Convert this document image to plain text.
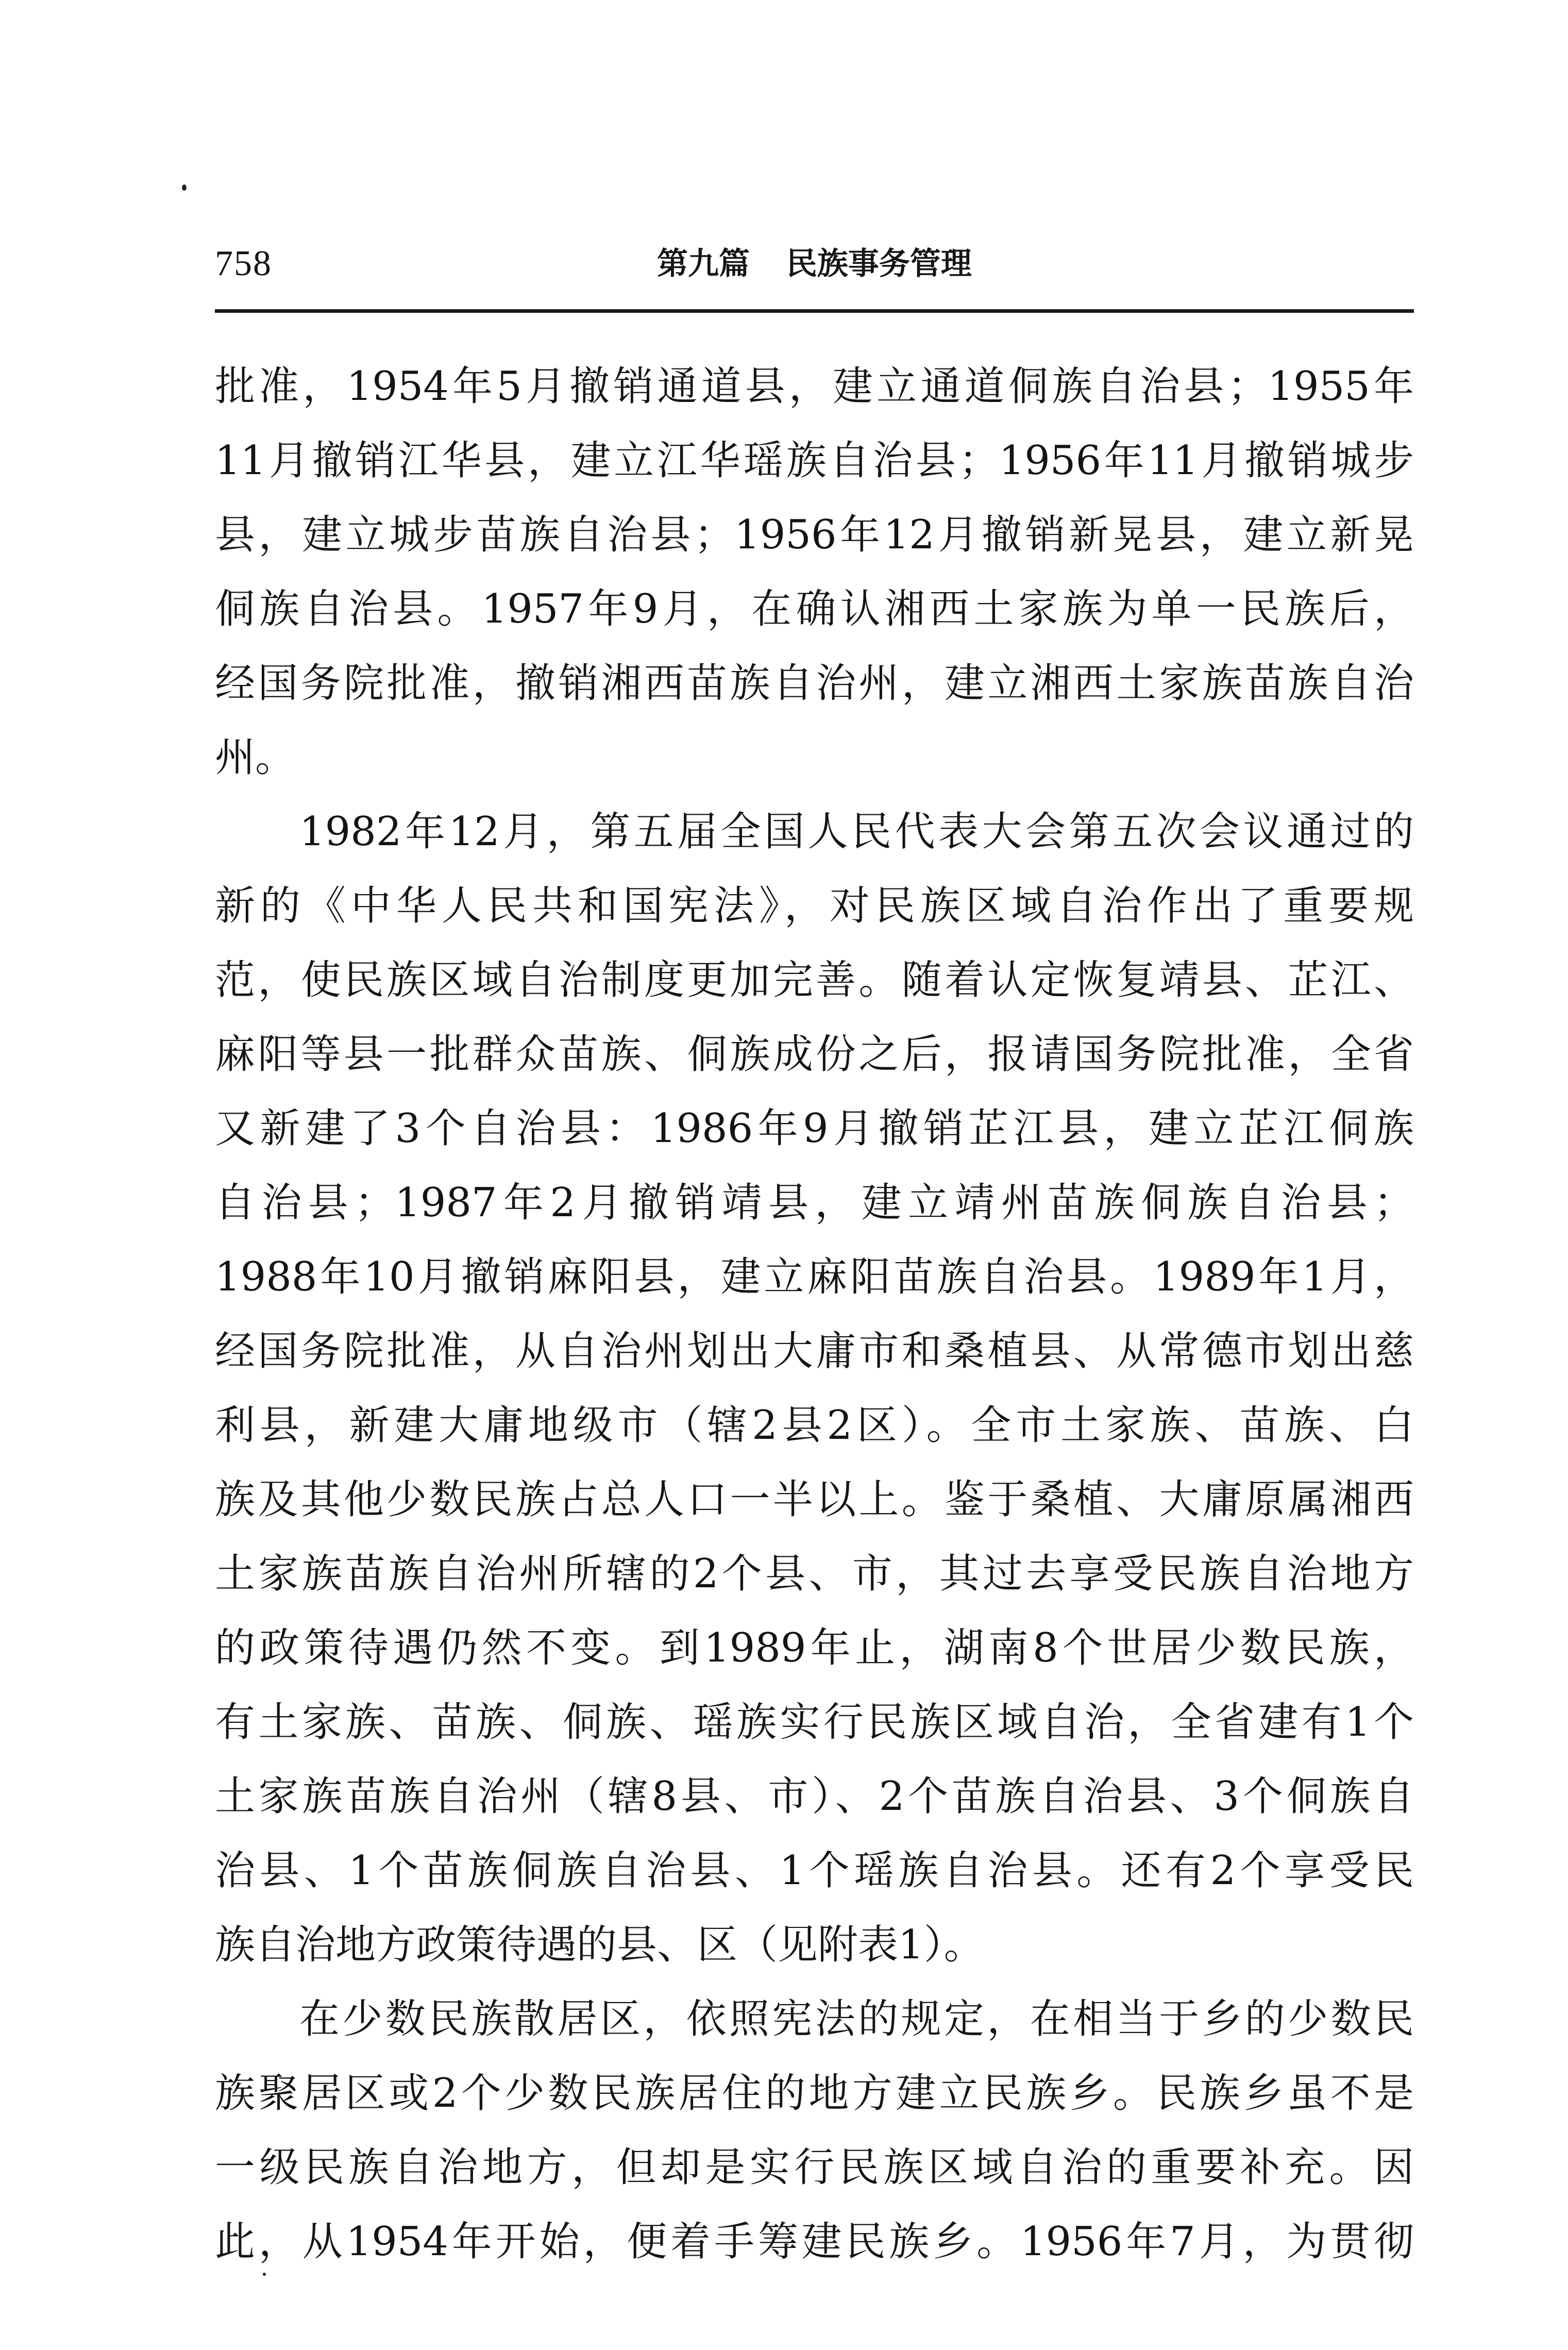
758	第九篇 民族事务管理
批准，1954年5月撤销通道县，建立通道侗族自治县；1955年
11月撤销江华县，建立江华瑶族自治县；1956年11月撤销城步
县，建立城步苗族自治县；1956年12月撤销新晃县，建立新晃
侗族自治县。1957年9月，在确认湘西土家族为单一民族后，
经国务院批准，撤销湘西苗族自治州，建立湘西土家族苗族自治
州。
1982年12月，第五届全国人民代表大会第五次会议通过的
新的《中华人民共和国宪法》，对民族区域自治作出了重要规
范，使民族区域自治制度更加完善。随着认定恢复靖县、芷江、
麻阳等县一批群众苗族、侗族成份之后，报请国务院批准，全省
又新建了3个自治县：1986年9月撤销芷江县，建立芷江侗族
自治县；1987年2月撤销靖县，建立靖州苗族侗族自治县；
1988年10月撤销麻阳县，建立麻阳苗族自治县。1989年1月，
经国务院批准，从自治州划出大庸市和桑植县、从常德市划出慈
利县，新建大庸地级市（辖2县2区）。全市土家族、苗族、白
族及其他少数民族占总人口一半以上。鉴于桑植、大庸原属湘西
土家族苗族自治州所辖的2个县、市，其过去享受民族自治地方
的政策待遇仍然不变。到1989年止，湖南8个世居少数民族，
有土家族、苗族、侗族、瑶族实行民族区域自治，全省建有1个
土家族苗族自治州（辖8县、市）、2个苗族自治县、3个侗族自
治县、1个苗族侗族自治县、1个瑶族自治县。还有2个享受民
族自治地方政策待遇的县、区（见附表1）。
在少数民族散居区，依照宪法的规定，在相当于乡的少数民
族聚居区或2个少数民族居住的地方建立民族乡。民族乡虽不是
一级民族自治地方，但却是实行民族区域自治的重要补充。因
此，从1954年开始，便着手筹建民族乡。1956年7月，为贯彻
